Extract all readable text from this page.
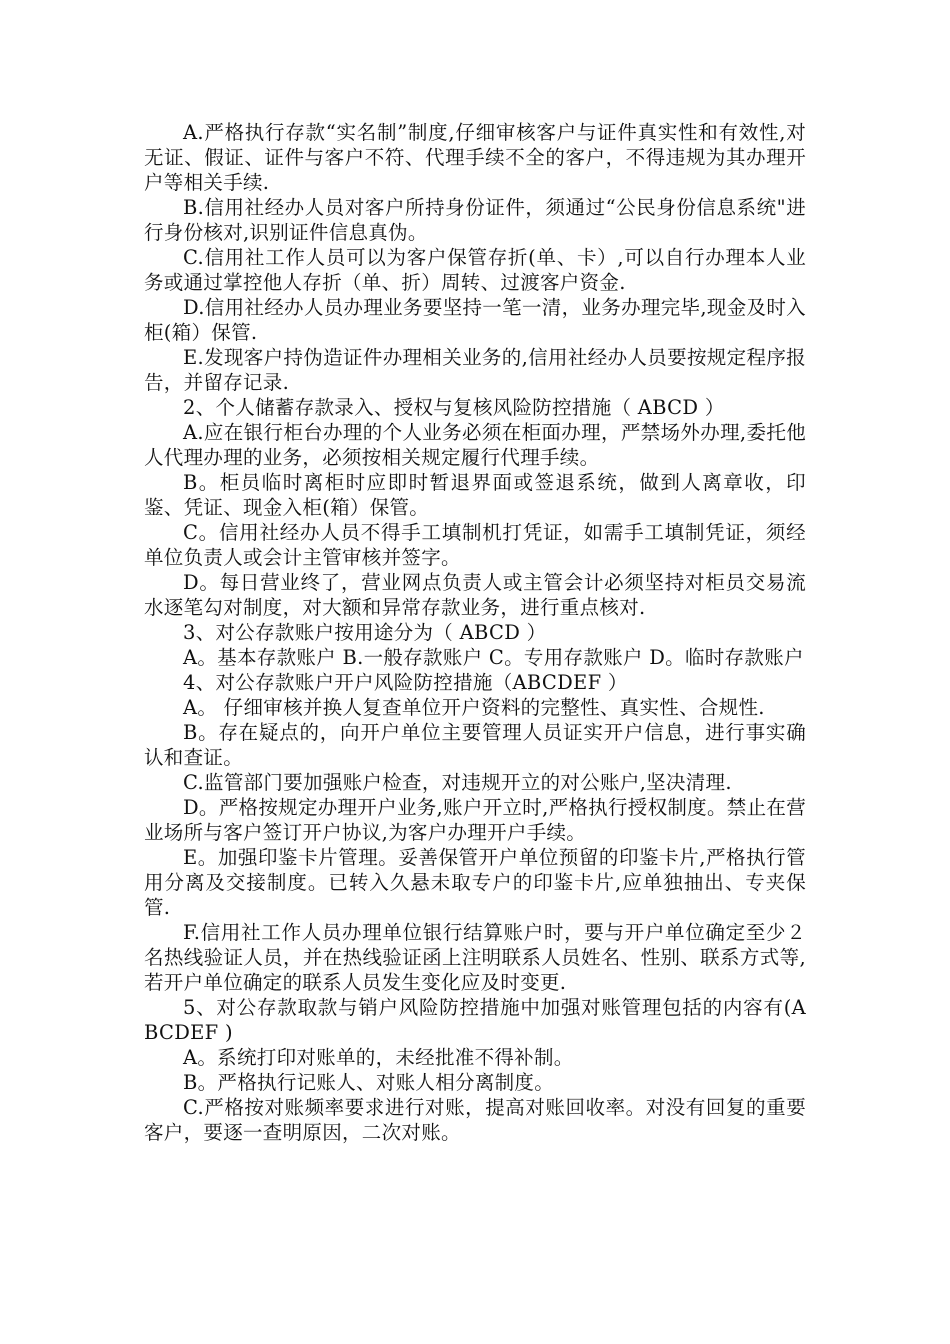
A.严格执行存款“实名制”制度,仔细审核客户与证件真实性和有效性,对无证、假证、证件与客户不符、代理手续不全的客户，不得违规为其办理开户等相关手续.

B.信用社经办人员对客户所持身份证件，须通过“公民身份信息系统"进行身份核对,识别证件信息真伪。

C.信用社工作人员可以为客户保管存折(单、卡）,可以自行办理本人业务或通过掌控他人存折（单、折）周转、过渡客户资金.

D.信用社经办人员办理业务要坚持一笔一清，业务办理完毕,现金及时入柜(箱）保管.

E.发现客户持伪造证件办理相关业务的,信用社经办人员要按规定程序报告，并留存记录.

2、个人储蓄存款录入、授权与复核风险防控措施（ ABCD ）

A.应在银行柜台办理的个人业务必须在柜面办理，严禁场外办理,委托他人代理办理的业务，必须按相关规定履行代理手续。

B。柜员临时离柜时应即时暂退界面或签退系统，做到人离章收，印鉴、凭证、现金入柜(箱）保管。

C。信用社经办人员不得手工填制机打凭证，如需手工填制凭证，须经单位负责人或会计主管审核并签字。

D。每日营业终了，营业网点负责人或主管会计必须坚持对柜员交易流水逐笔勾对制度，对大额和异常存款业务，进行重点核对.

3、对公存款账户按用途分为（ ABCD ）

A。基本存款账户 B.一般存款账户 C。专用存款账户 D。临时存款账户

4、对公存款账户开户风险防控措施（ABCDEF ）

A。 仔细审核并换人复查单位开户资料的完整性、真实性、合规性.

B。存在疑点的，向开户单位主要管理人员证实开户信息，进行事实确认和查证。

C.监管部门要加强账户检查，对违规开立的对公账户,坚决清理.

D。严格按规定办理开户业务,账户开立时,严格执行授权制度。禁止在营业场所与客户签订开户协议,为客户办理开户手续。

E。加强印鉴卡片管理。妥善保管开户单位预留的印鉴卡片,严格执行管用分离及交接制度。已转入久悬未取专户的印鉴卡片,应单独抽出、专夹保管.

F.信用社工作人员办理单位银行结算账户时，要与开户单位确定至少２名热线验证人员，并在热线验证函上注明联系人员姓名、性别、联系方式等,若开户单位确定的联系人员发生变化应及时变更.

5、对公存款取款与销户风险防控措施中加强对账管理包括的内容有(ABCDEF )

A。系统打印对账单的，未经批准不得补制。

B。严格执行记账人、对账人相分离制度。

C.严格按对账频率要求进行对账，提高对账回收率。对没有回复的重要客户，要逐一查明原因，二次对账。
